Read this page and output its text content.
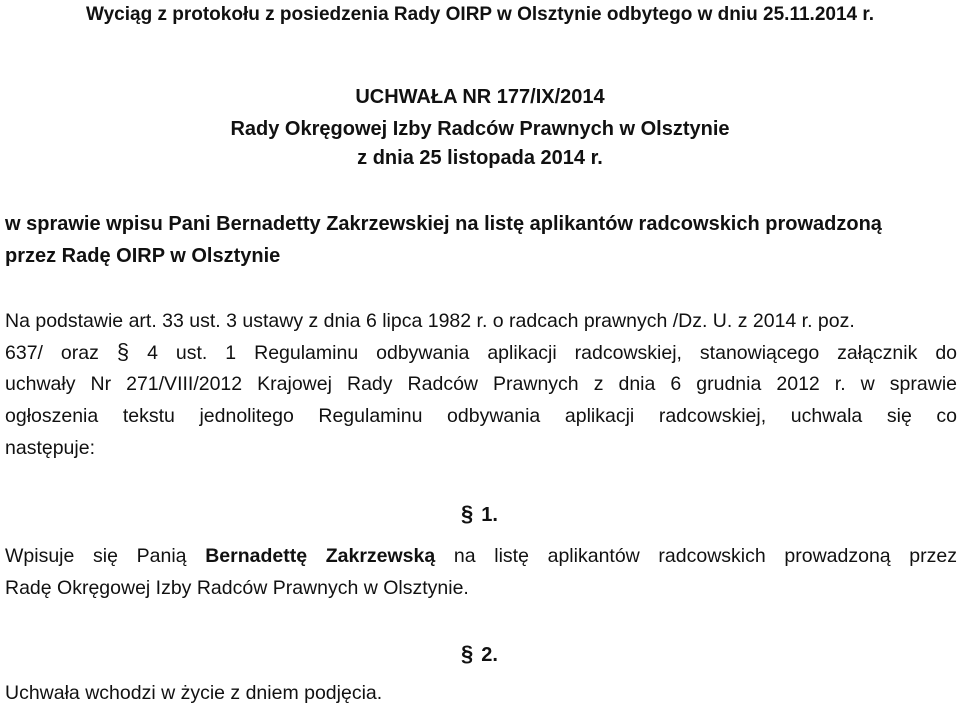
Wyciąg z protokołu z posiedzenia Rady OIRP w Olsztynie odbytego w dniu 25.11.2014 r.
UCHWAŁA NR 177/IX/2014
Rady Okręgowej Izby Radców Prawnych w Olsztynie
z dnia 25 listopada 2014 r.
w sprawie wpisu Pani Bernadetty Zakrzewskiej na listę aplikantów radcowskich prowadzoną
przez Radę OIRP w Olsztynie
Na podstawie art. 33 ust. 3 ustawy z dnia 6 lipca 1982 r. o radcach prawnych /Dz. U. z 2014 r. poz.
637/ oraz § 4 ust. 1 Regulaminu odbywania aplikacji radcowskiej, stanowiącego załącznik do
uchwały Nr 271/VIII/2012 Krajowej Rady Radców Prawnych z dnia 6 grudnia 2012 r. w sprawie
ogłoszenia tekstu jednolitego Regulaminu odbywania aplikacji radcowskiej, uchwala się co
następuje:
§ 1.
Wpisuje się Panią Bernadettę Zakrzewską na listę aplikantów radcowskich prowadzoną przez
Radę Okręgowej Izby Radców Prawnych w Olsztynie.
§ 2.
Uchwała wchodzi w życie z dniem podjęcia.
